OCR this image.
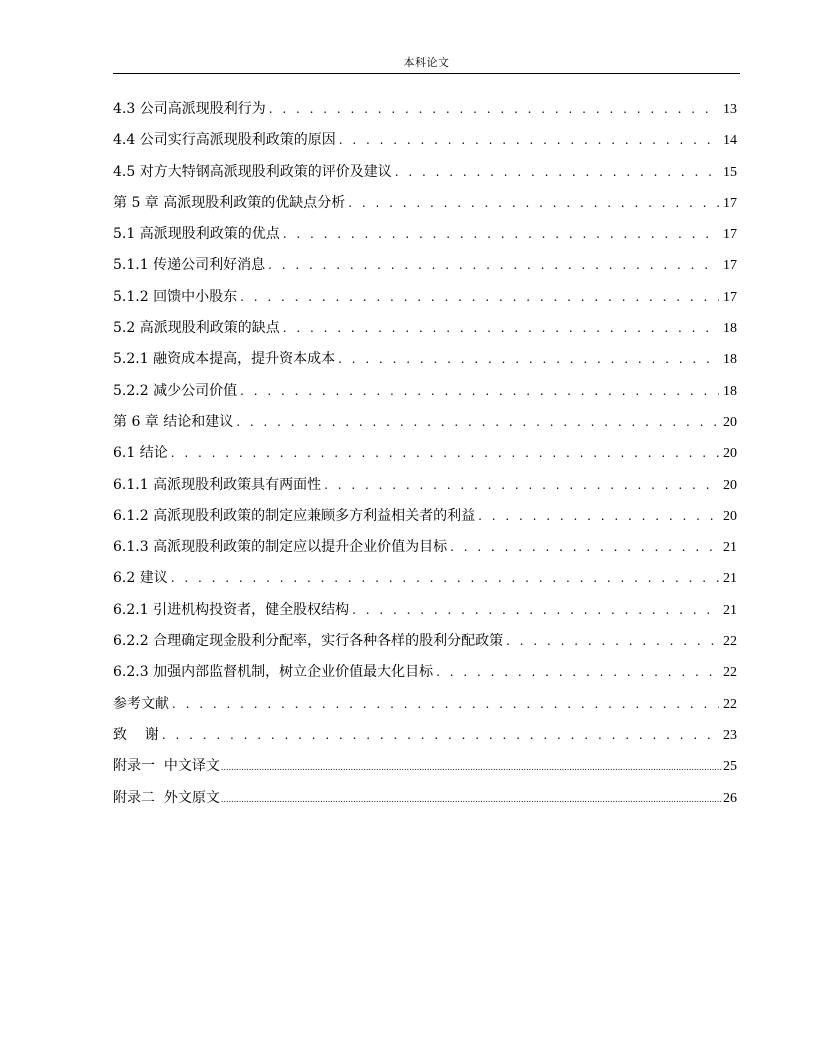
本科论文
4.3 公司高派现股利行为 . . .	13
4.4 公司实行高派现股利政策的原因 . . .	14
4.5 对方大特钢高派现股利政策的评价及建议 . . .	15
第 5 章 高派现股利政策的优缺点分析 . . .	17
5.1 高派现股利政策的优点 . . .	17
5.1.1 传递公司利好消息 . . .	17
5.1.2 回馈中小股东 . . .	17
5.2 高派现股利政策的缺点 . . .	18
5.2.1 融资成本提高，提升资本成本 . . .	18
5.2.2 减少公司价值 . . .	18
第 6 章 结论和建议 . . .	20
6.1 结论 . . .	20
6.1.1 高派现股利政策具有两面性 . . .	20
6.1.2 高派现股利政策的制定应兼顾多方利益相关者的利益 . . .	20
6.1.3 高派现股利政策的制定应以提升企业价值为目标 . . .	21
6.2 建议 . . .	21
6.2.1 引进机构投资者，健全股权结构 . . .	21
6.2.2 合理确定现金股利分配率，实行各种各样的股利分配政策 . . .	22
6.2.3 加强内部监督机制，树立企业价值最大化目标 . . .	22
参考文献 . . .	22
致    谢 . . .	23
附录一  中文译文 .....	25
附录二  外文原文 .....	26
